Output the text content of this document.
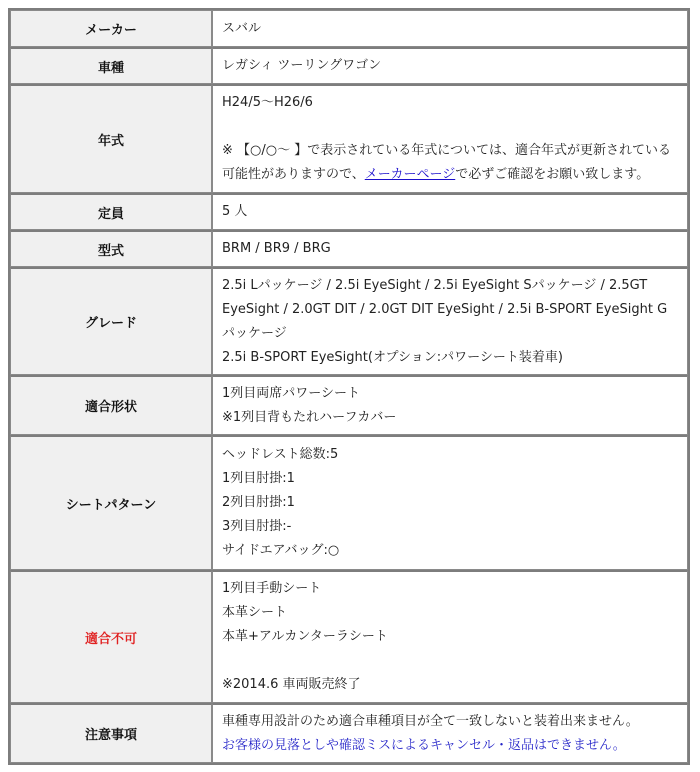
メーカー	スバル
車種	レガシィ ツーリングワゴン
年式	H24/5～H26/6
※ 【○/○～ 】で表示されている年式については、適合年式が更新されている可能性がありますので、メーカーページで必ずご確認をお願い致します。

定員	5 人
型式	BRM / BR9 / BRG
グレード	2.5i Lパッケージ / 2.5i EyeSight / 2.5i EyeSight Sパッケージ / 2.5GT EyeSight / 2.0GT DIT / 2.0GT DIT EyeSight / 2.5i B-SPORT EyeSight Gパッケージ
2.5i B-SPORT EyeSight(オプション:パワーシート装着車)

適合形状	1列目両席パワーシート
※1列目背もたれハーフカバー

シートパターン	ヘッドレスト総数:5
1列目肘掛:1
2列目肘掛:1
3列目肘掛:-
サイドエアバッグ:○

適合不可	1列目手動シート
本革シート
本革+アルカンターラシート
※2014.6 車両販売終了

注意事項	車種専用設計のため適合車種項目が全て一致しないと装着出来ません。
お客様の見落としや確認ミスによるキャンセル・返品はできません。
